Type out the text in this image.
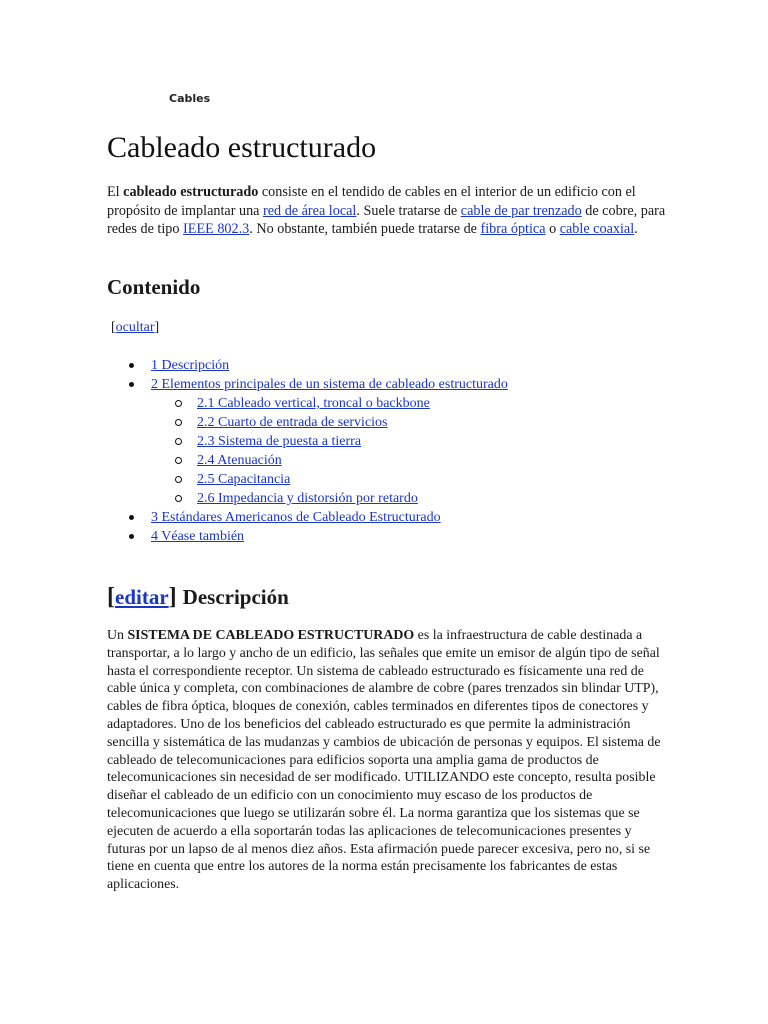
Cables
Cableado estructurado

El cableado estructurado consiste en el tendido de cables en el interior de un edificio con el propósito de implantar una red de área local. Suele tratarse de cable de par trenzado de cobre, para redes de tipo IEEE 802.3. No obstante, también puede tratarse de fibra óptica o cable coaxial.

Contenido
[ocultar]
1 Descripción
2 Elementos principales de un sistema de cableado estructurado
2.1 Cableado vertical, troncal o backbone
2.2 Cuarto de entrada de servicios
2.3 Sistema de puesta a tierra
2.4 Atenuación
2.5 Capacitancia
2.6 Impedancia y distorsión por retardo
3 Estándares Americanos de Cableado Estructurado
4 Véase también
[editar] Descripción

Un SISTEMA DE CABLEADO ESTRUCTURADO es la infraestructura de cable destinada a transportar, a lo largo y ancho de un edificio, las señales que emite un emisor de algún tipo de señal hasta el correspondiente receptor. Un sistema de cableado estructurado es físicamente una red de cable única y completa, con combinaciones de alambre de cobre (pares trenzados sin blindar UTP), cables de fibra óptica, bloques de conexión, cables terminados en diferentes tipos de conectores y adaptadores. Uno de los beneficios del cableado estructurado es que permite la administración sencilla y sistemática de las mudanzas y cambios de ubicación de personas y equipos. El sistema de cableado de telecomunicaciones para edificios soporta una amplia gama de productos de telecomunicaciones sin necesidad de ser modificado. UTILIZANDO este concepto, resulta posible diseñar el cableado de un edificio con un conocimiento muy escaso de los productos de telecomunicaciones que luego se utilizarán sobre él. La norma garantiza que los sistemas que se ejecuten de acuerdo a ella soportarán todas las aplicaciones de telecomunicaciones presentes y futuras por un lapso de al menos diez años. Esta afirmación puede parecer excesiva, pero no, si se tiene en cuenta que entre los autores de la norma están precisamente los fabricantes de estas aplicaciones.
